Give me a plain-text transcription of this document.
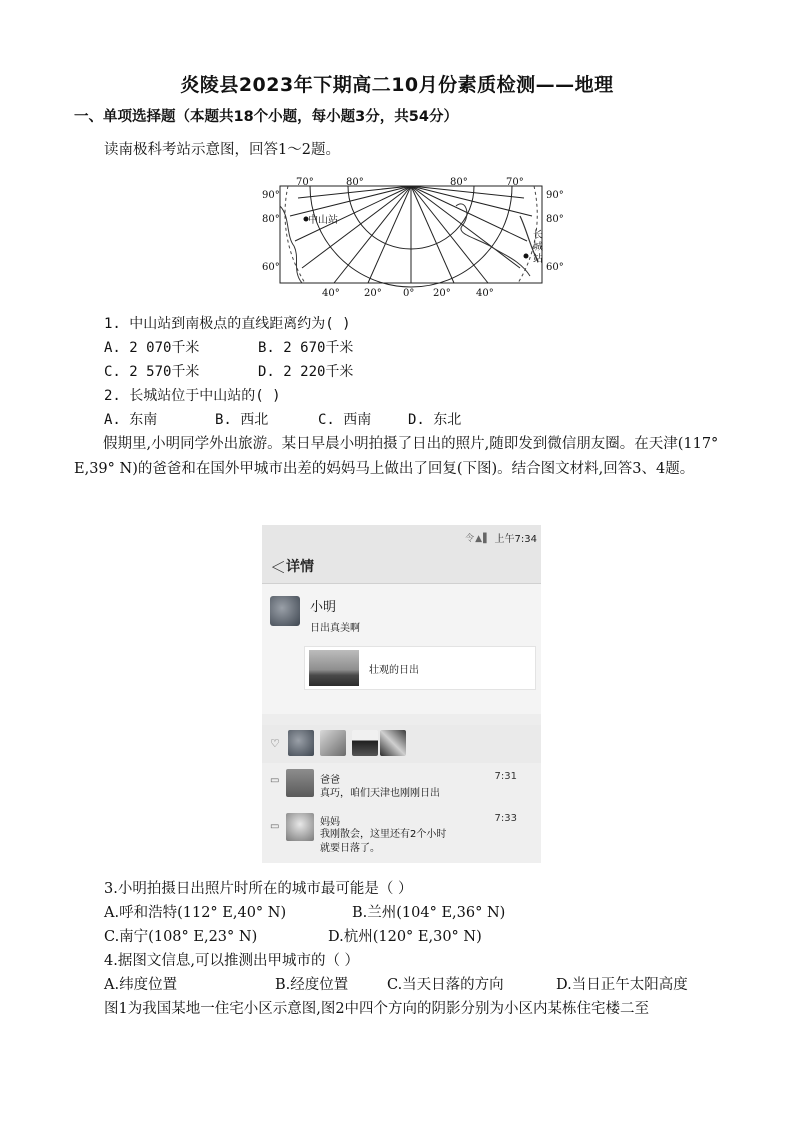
炎陵县2023年下期高二10月份素质检测——地理
一、单项选择题（本题共18个小题，每小题3分，共54分）
读南极科考站示意图，回答1～2题。
70°	80°	80°	70°
90°
80°
60°
90°
80°
60°
40° 20° 0° 20°	40°
中山站
长
城
站
1. 中山站到南极点的直线距离约为( )
A. 2 070千米	B. 2 670千米
C. 2 570千米	D. 2 220千米
2. 长城站位于中山站的( )
A. 东南	B. 西北	C. 西南	D. 东北
假期里,小明同学外出旅游。某日早晨小明拍摄了日出的照片,随即发到微信朋友圈。在天津(117° E,39° N)的爸爸和在国外甲城市出差的妈妈马上做出了回复(下图)。结合图文材料,回答3、4题。
令▲▌ 上午7:34
＜ 详情
小明
日出真美啊
壮观的日出
♡
▭	爸爸
真巧，咱们天津也刚刚日出
7:31
▭	妈妈
我刚散会，这里还有2个小时
就要日落了。
7:33
3.小明拍摄日出照片时所在的城市最可能是（ ）
A.呼和浩特(112° E,40° N)	B.兰州(104° E,36° N)
C.南宁(108° E,23° N)	D.杭州(120° E,30° N)
4.据图文信息,可以推测出甲城市的（ ）
A.纬度位置	B.经度位置	C.当天日落的方向	D.当日正午太阳高度
图1为我国某地一住宅小区示意图,图2中四个方向的阴影分别为小区内某栋住宅楼二至
